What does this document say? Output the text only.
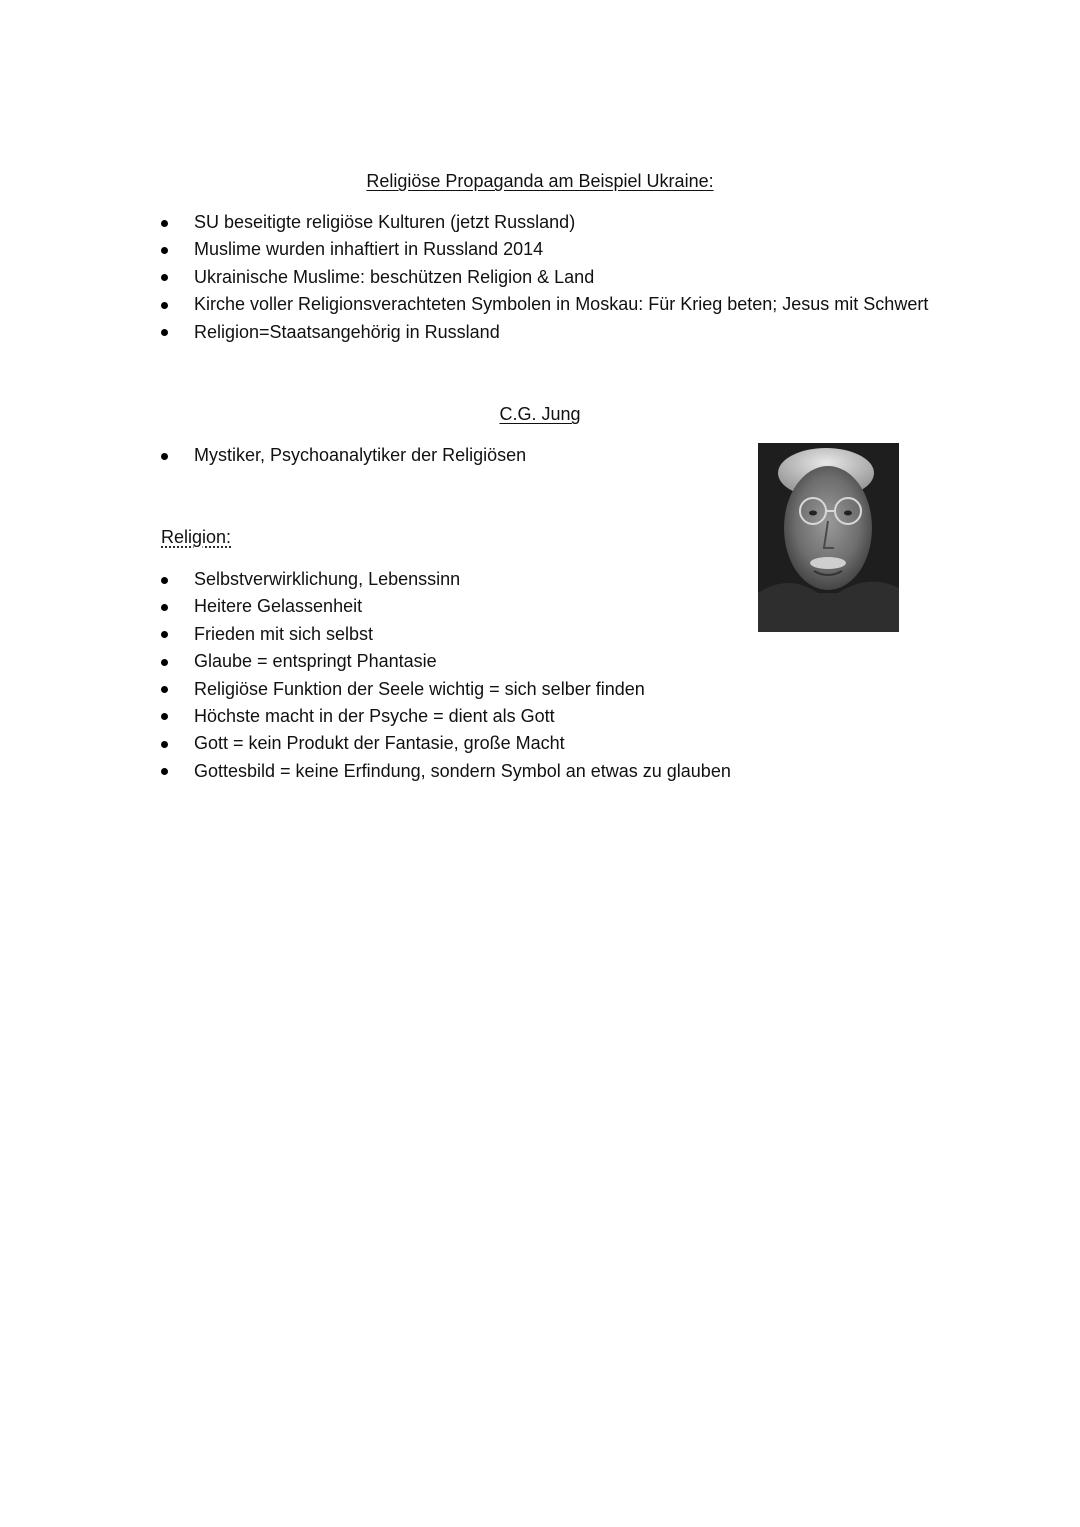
Religiöse Propaganda am Beispiel Ukraine:
SU beseitigte religiöse Kulturen (jetzt Russland)
Muslime wurden inhaftiert in Russland 2014
Ukrainische Muslime: beschützen Religion & Land
Kirche voller Religionsverachteten Symbolen in Moskau: Für Krieg beten; Jesus mit Schwert
Religion=Staatsangehörig in Russland
C.G. Jung
Mystiker, Psychoanalytiker der Religiösen
Religion:
Selbstverwirklichung, Lebenssinn
Heitere Gelassenheit
Frieden mit sich selbst
Glaube = entspringt Phantasie
Religiöse Funktion der Seele wichtig = sich selber finden
Höchste macht in der Psyche = dient als Gott
Gott = kein Produkt der Fantasie, große Macht
Gottesbild = keine Erfindung, sondern Symbol an etwas zu glauben
